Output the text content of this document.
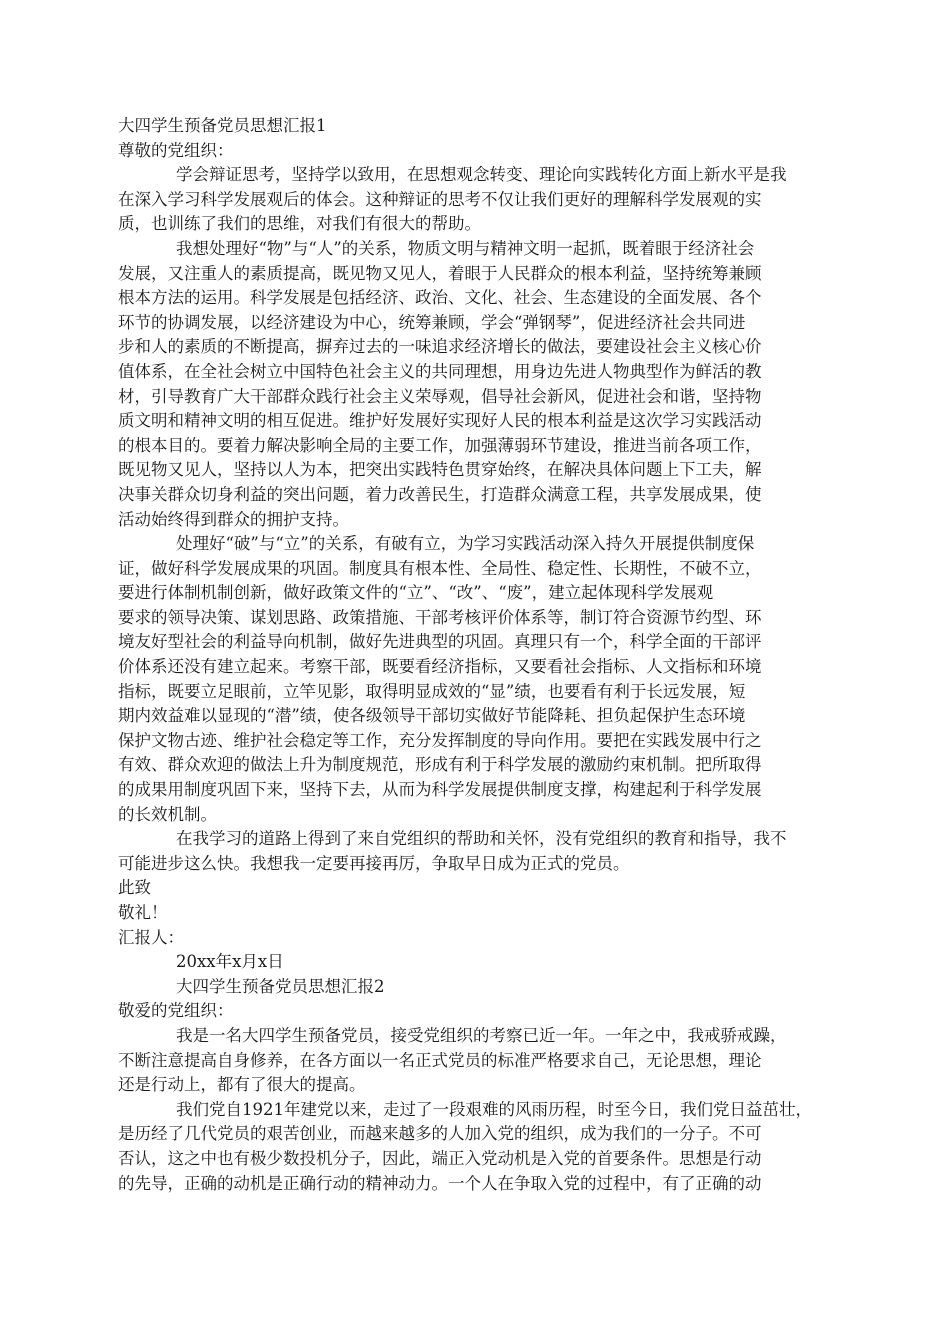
大四学生预备党员思想汇报1
尊敬的党组织：
学会辩证思考，坚持学以致用，在思想观念转变、理论向实践转化方面上新水平是我
在深入学习科学发展观后的体会。这种辩证的思考不仅让我们更好的理解科学发展观的实
质，也训练了我们的思维，对我们有很大的帮助。
我想处理好“物”与“人”的关系，物质文明与精神文明一起抓，既着眼于经济社会
发展，又注重人的素质提高，既见物又见人，着眼于人民群众的根本利益，坚持统筹兼顾
根本方法的运用。科学发展是包括经济、政治、文化、社会、生态建设的全面发展、各个
环节的协调发展，以经济建设为中心，统筹兼顾，学会“弹钢琴”，促进经济社会共同进
步和人的素质的不断提高，摒弃过去的一味追求经济增长的做法，要建设社会主义核心价
值体系，在全社会树立中国特色社会主义的共同理想，用身边先进人物典型作为鲜活的教
材，引导教育广大干部群众践行社会主义荣辱观，倡导社会新风，促进社会和谐，坚持物
质文明和精神文明的相互促进。维护好发展好实现好人民的根本利益是这次学习实践活动
的根本目的。要着力解决影响全局的主要工作，加强薄弱环节建设，推进当前各项工作，
既见物又见人，坚持以人为本，把突出实践特色贯穿始终，在解决具体问题上下工夫，解
决事关群众切身利益的突出问题，着力改善民生，打造群众满意工程，共享发展成果，使
活动始终得到群众的拥护支持。
处理好“破”与“立”的关系，有破有立，为学习实践活动深入持久开展提供制度保
证，做好科学发展成果的巩固。制度具有根本性、全局性、稳定性、长期性，不破不立，
要进行体制机制创新，做好政策文件的“立”、“改”、“废”，建立起体现科学发展观
要求的领导决策、谋划思路、政策措施、干部考核评价体系等，制订符合资源节约型、环
境友好型社会的利益导向机制，做好先进典型的巩固。真理只有一个，科学全面的干部评
价体系还没有建立起来。考察干部，既要看经济指标，又要看社会指标、人文指标和环境
指标，既要立足眼前，立竿见影，取得明显成效的“显”绩，也要看有利于长远发展，短
期内效益难以显现的“潜”绩，使各级领导干部切实做好节能降耗、担负起保护生态环境
保护文物古迹、维护社会稳定等工作，充分发挥制度的导向作用。要把在实践发展中行之
有效、群众欢迎的做法上升为制度规范，形成有利于科学发展的激励约束机制。把所取得
的成果用制度巩固下来，坚持下去，从而为科学发展提供制度支撑，构建起利于科学发展
的长效机制。
在我学习的道路上得到了来自党组织的帮助和关怀，没有党组织的教育和指导，我不
可能进步这么快。我想我一定要再接再厉，争取早日成为正式的党员。
此致
敬礼！
汇报人：
20xx年x月x日
大四学生预备党员思想汇报2
敬爱的党组织：
我是一名大四学生预备党员，接受党组织的考察已近一年。一年之中，我戒骄戒躁，
不断注意提高自身修养，在各方面以一名正式党员的标准严格要求自己，无论思想，理论
还是行动上，都有了很大的提高。
我们党自1921年建党以来，走过了一段艰难的风雨历程，时至今日，我们党日益茁壮，
是历经了几代党员的艰苦创业，而越来越多的人加入党的组织，成为我们的一分子。不可
否认，这之中也有极少数投机分子，因此，端正入党动机是入党的首要条件。思想是行动
的先导，正确的动机是正确行动的精神动力。一个人在争取入党的过程中，有了正确的动
